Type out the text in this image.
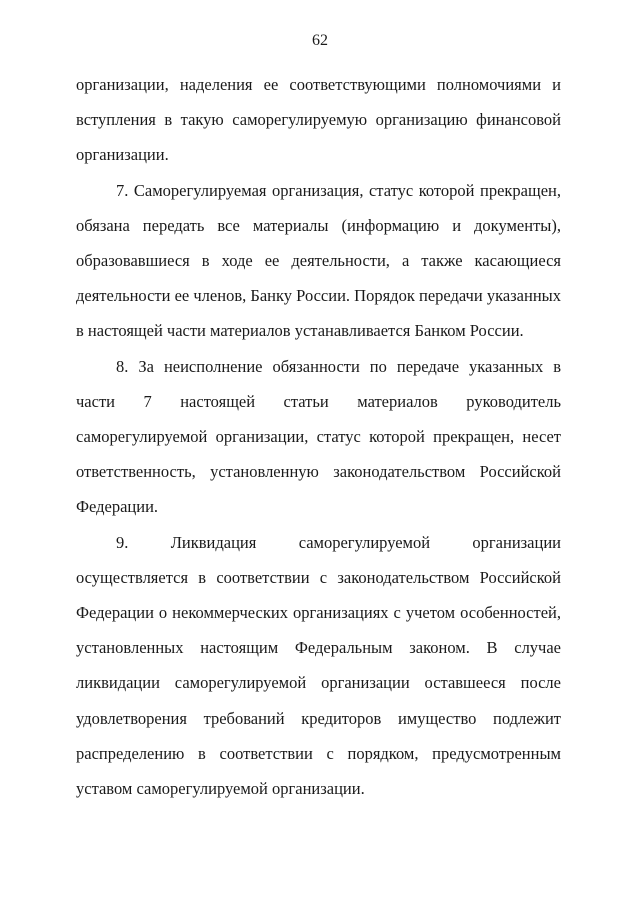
62

организации, наделения ее соответствующими полномочиями и вступления в такую саморегулируемую организацию финансовой организации.

7. Саморегулируемая организация, статус которой прекращен, обязана передать все материалы (информацию и документы), образовавшиеся в ходе ее деятельности, а также касающиеся деятельности ее членов, Банку России. Порядок передачи указанных в настоящей части материалов устанавливается Банком России.

8. За неисполнение обязанности по передаче указанных в части 7 настоящей статьи материалов руководитель саморегулируемой организации, статус которой прекращен, несет ответственность, установленную законодательством Российской Федерации.

9. Ликвидация саморегулируемой организации осуществляется в соответствии с законодательством Российской Федерации о некоммерческих организациях с учетом особенностей, установленных настоящим Федеральным законом. В случае ликвидации саморегулируемой организации оставшееся после удовлетворения требований кредиторов имущество подлежит распределению в соответствии с порядком, предусмотренным уставом саморегулируемой организации.
